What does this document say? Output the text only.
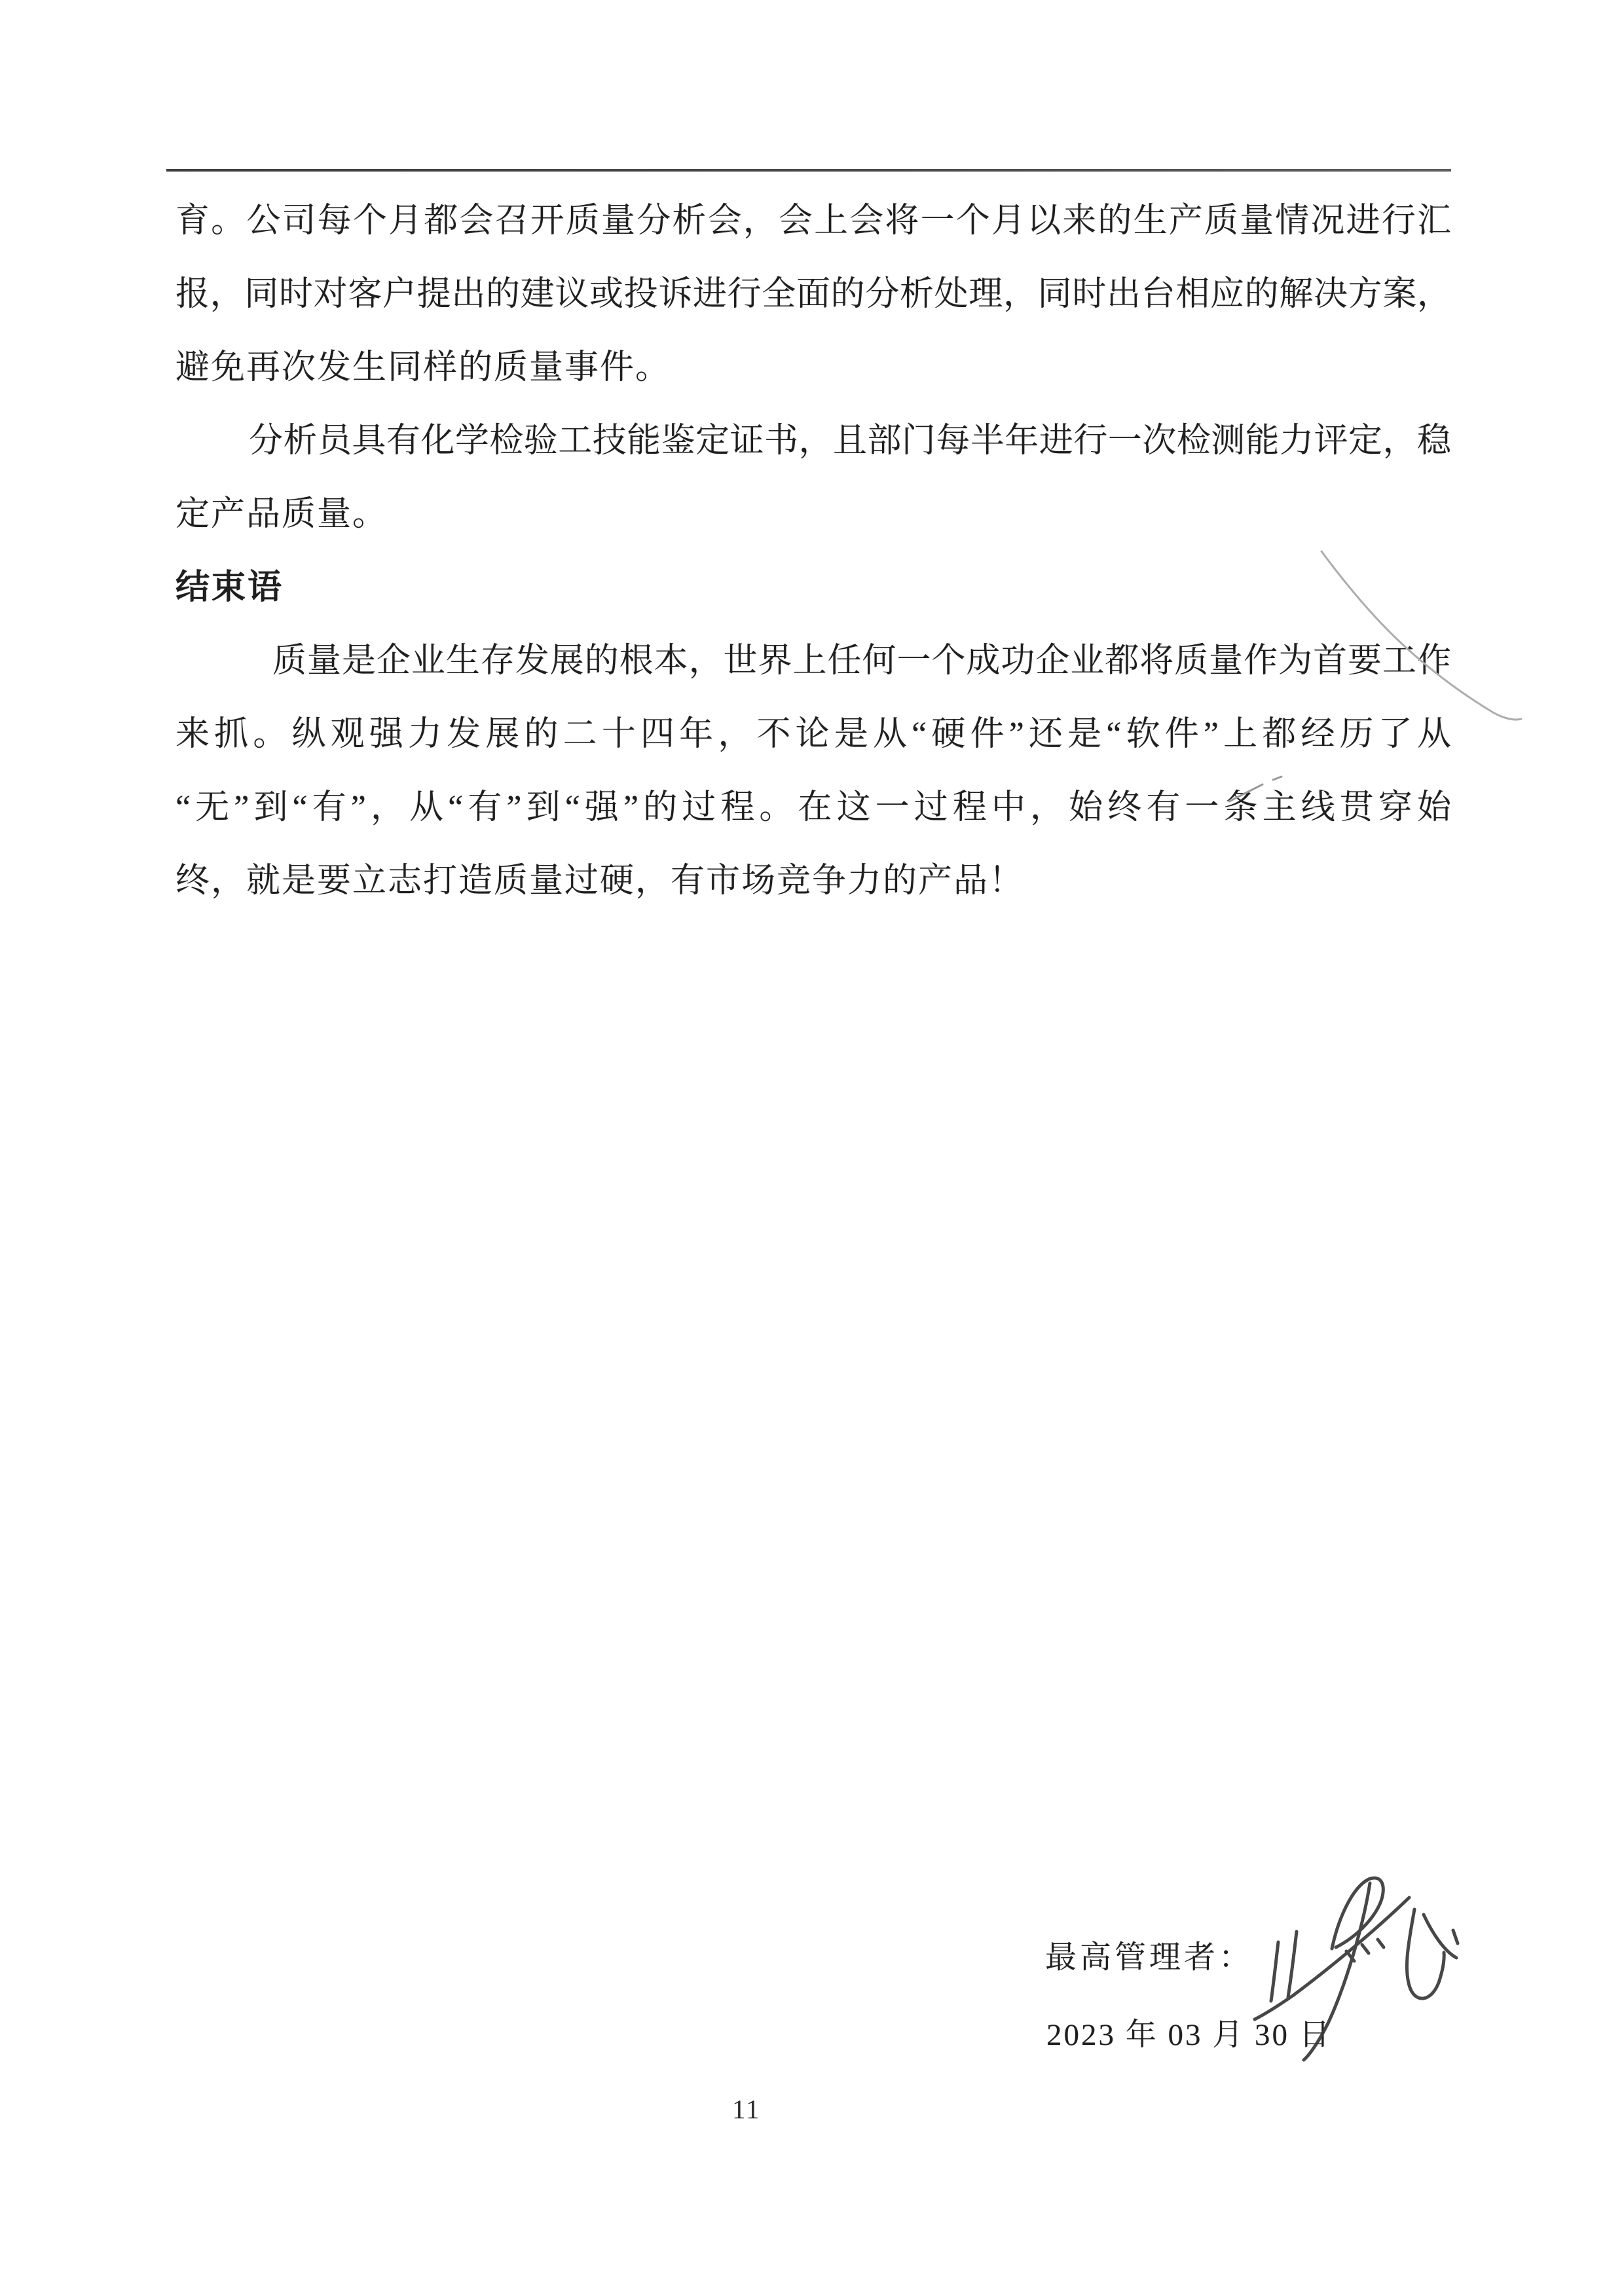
育。公司每个月都会召开质量分析会，会上会将一个月以来的生产质量情况进行汇
报，同时对客户提出的建议或投诉进行全面的分析处理，同时出台相应的解决方案，
避免再次发生同样的质量事件。
分析员具有化学检验工技能鉴定证书，且部门每半年进行一次检测能力评定，稳
定产品质量。
结束语
质量是企业生存发展的根本，世界上任何一个成功企业都将质量作为首要工作
来抓。纵观强力发展的二十四年，不论是从“硬件”还是“软件”上都经历了从
“无”到“有”，从“有”到“强”的过程。在这一过程中，始终有一条主线贯穿始
终，就是要立志打造质量过硬，有市场竞争力的产品！
最高管理者：
2023 年 03 月 30 日
11
